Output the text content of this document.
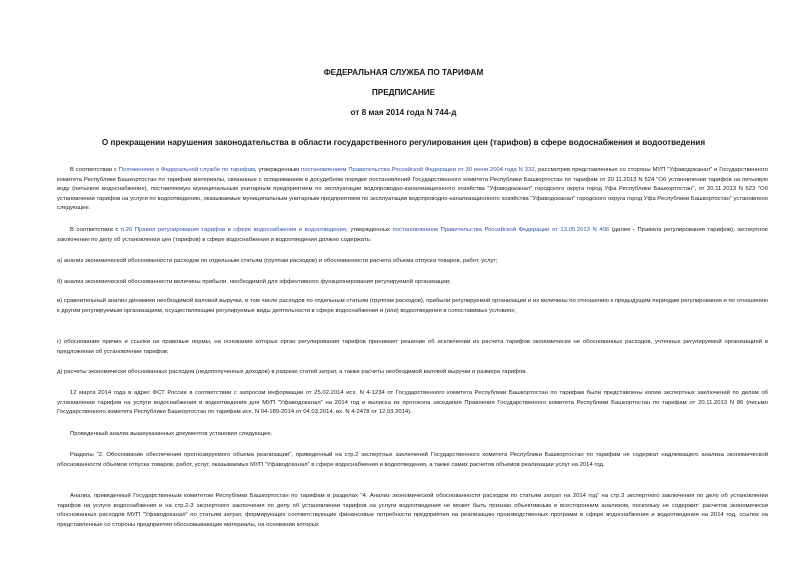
ФЕДЕРАЛЬНАЯ СЛУЖБА ПО ТАРИФАМ
ПРЕДПИСАНИЕ
от 8 мая 2014 года N 744-д
О прекращении нарушения законодательства в области государственного регулирования цен (тарифов) в сфере водоснабжения и водоотведения

В соответствии с Положением о Федеральной службе по тарифам, утвержденным постановлением Правительства Российской Федерации от 30 июня 2004 года N 332, рассмотрев представленные со стороны МУП "Уфаводоканал" и Государственного комитета Республики Башкортостан по тарифам материалы, связанные с оспариванием в досудебном порядке постановлений Государственного комитета Республики Башкортостан по тарифам от 20.11.2013 N 524 "Об установлении тарифов на питьевую воду (питьевое водоснабжение), поставляемую муниципальным унитарным предприятием по эксплуатации водопроводно-канализационного хозяйства "Уфаводоканал" городского округа город Уфа Республики Башкортостан", от 20.11.2013 N 523 "Об установлении тарифов на услуги по водоотведению, оказываемые муниципальным унитарным предприятием по эксплуатации водопроводно-канализационного хозяйства "Уфаводоканал" городского округа город Уфа Республики Башкортостан" установлено следующее.

В соответствии с п.26 Правил регулирования тарифов в сфере водоснабжения и водоотведения, утвержденных постановлением Правительства Российской Федерации от 13.05.2013 N 406 (далее - Правила регулирования тарифов), экспертное заключение по делу об установлении цен (тарифов) в сфере водоснабжения и водоотведения должно содержать:

а) анализ экономической обоснованности расходов по отдельным статьям (группам расходов) и обоснованности расчета объема отпуска товаров, работ, услуг;

б) анализ экономической обоснованности величины прибыли, необходимой для эффективного функционирования регулируемой организации;

в) сравнительный анализ динамики необходимой валовой выручки, в том числе расходов по отдельным статьям (группам расходов), прибыли регулируемой организации и их величины по отношению к предыдущим периодам регулирования и по отношению к другим регулируемым организациям, осуществляющим регулируемые виды деятельности в сфере водоснабжения и (или) водоотведения в сопоставимых условиях;

г) обоснование причин и ссылки на правовые нормы, на основании которых орган регулирования тарифов принимает решение об исключении из расчета тарифов экономически не обоснованных расходов, учтенных регулируемой организацией в предложении об установлении тарифов;

д) расчеты экономически обоснованных расходов (недополученных доходов) в разрезе статей затрат, а также расчеты необходимой валовой выручки и размера тарифов.

12 марта 2014 года в адрес ФСТ России в соответствии с запросом информации от 25.02.2014 исх. N 4-1234 от Государственного комитета Республики Башкортостан по тарифам были представлены копии экспертных заключений по делам об установлении тарифов на услуги водоснабжения и водоотведения для МУП "Уфаводоканал" на 2014 год и выписка из протокола заседания Правления Государственного комитета Республики Башкортостан по тарифам от 20.11.2013 N 86 (письмо Государственного комитета Республики Башкортостан по тарифам исх. N 04-189-2014 от 04.03.2014, вх. N 4-2478 от 12.03.2014).

Проведенный анализ вышеуказанных документов установил следующее.

Разделы "2. Обоснование обеспечения прогнозируемого объема реализации", приведенный на стр.2 экспертных заключений Государственного комитета Республики Башкортостан по тарифам не содержат надлежащего анализа экономической обоснованности объемов отпуска товаров, работ, услуг, оказываемых МУП "Уфаводоканал" в сфере водоснабжения и водоотведения, а также самих расчетов объемов реализации услуг на 2014 год.

Анализ, приведенный Государственным комитетом Республики Башкортостан по тарифам в разделах "4. Анализ экономической обоснованности расходов по статьям затрат на 2014 год" на стр.3 экспертного заключения по делу об установлении тарифов на услуги водоснабжения и на стр.2-3 экспертного заключения по делу об установлении тарифов на услуги водоотведения не может быть признан объективным и всесторонним анализом, поскольку не содержит: расчетов экономически обоснованных расходов МУП "Уфаводоканал" по статьям затрат, формирующих соответствующие финансовые потребности предприятия на реализацию производственных программ в сфере водоснабжения и водоотведения на 2014 год, ссылок на представленные со стороны предприятия обосновывающие материалы, на основании которых
